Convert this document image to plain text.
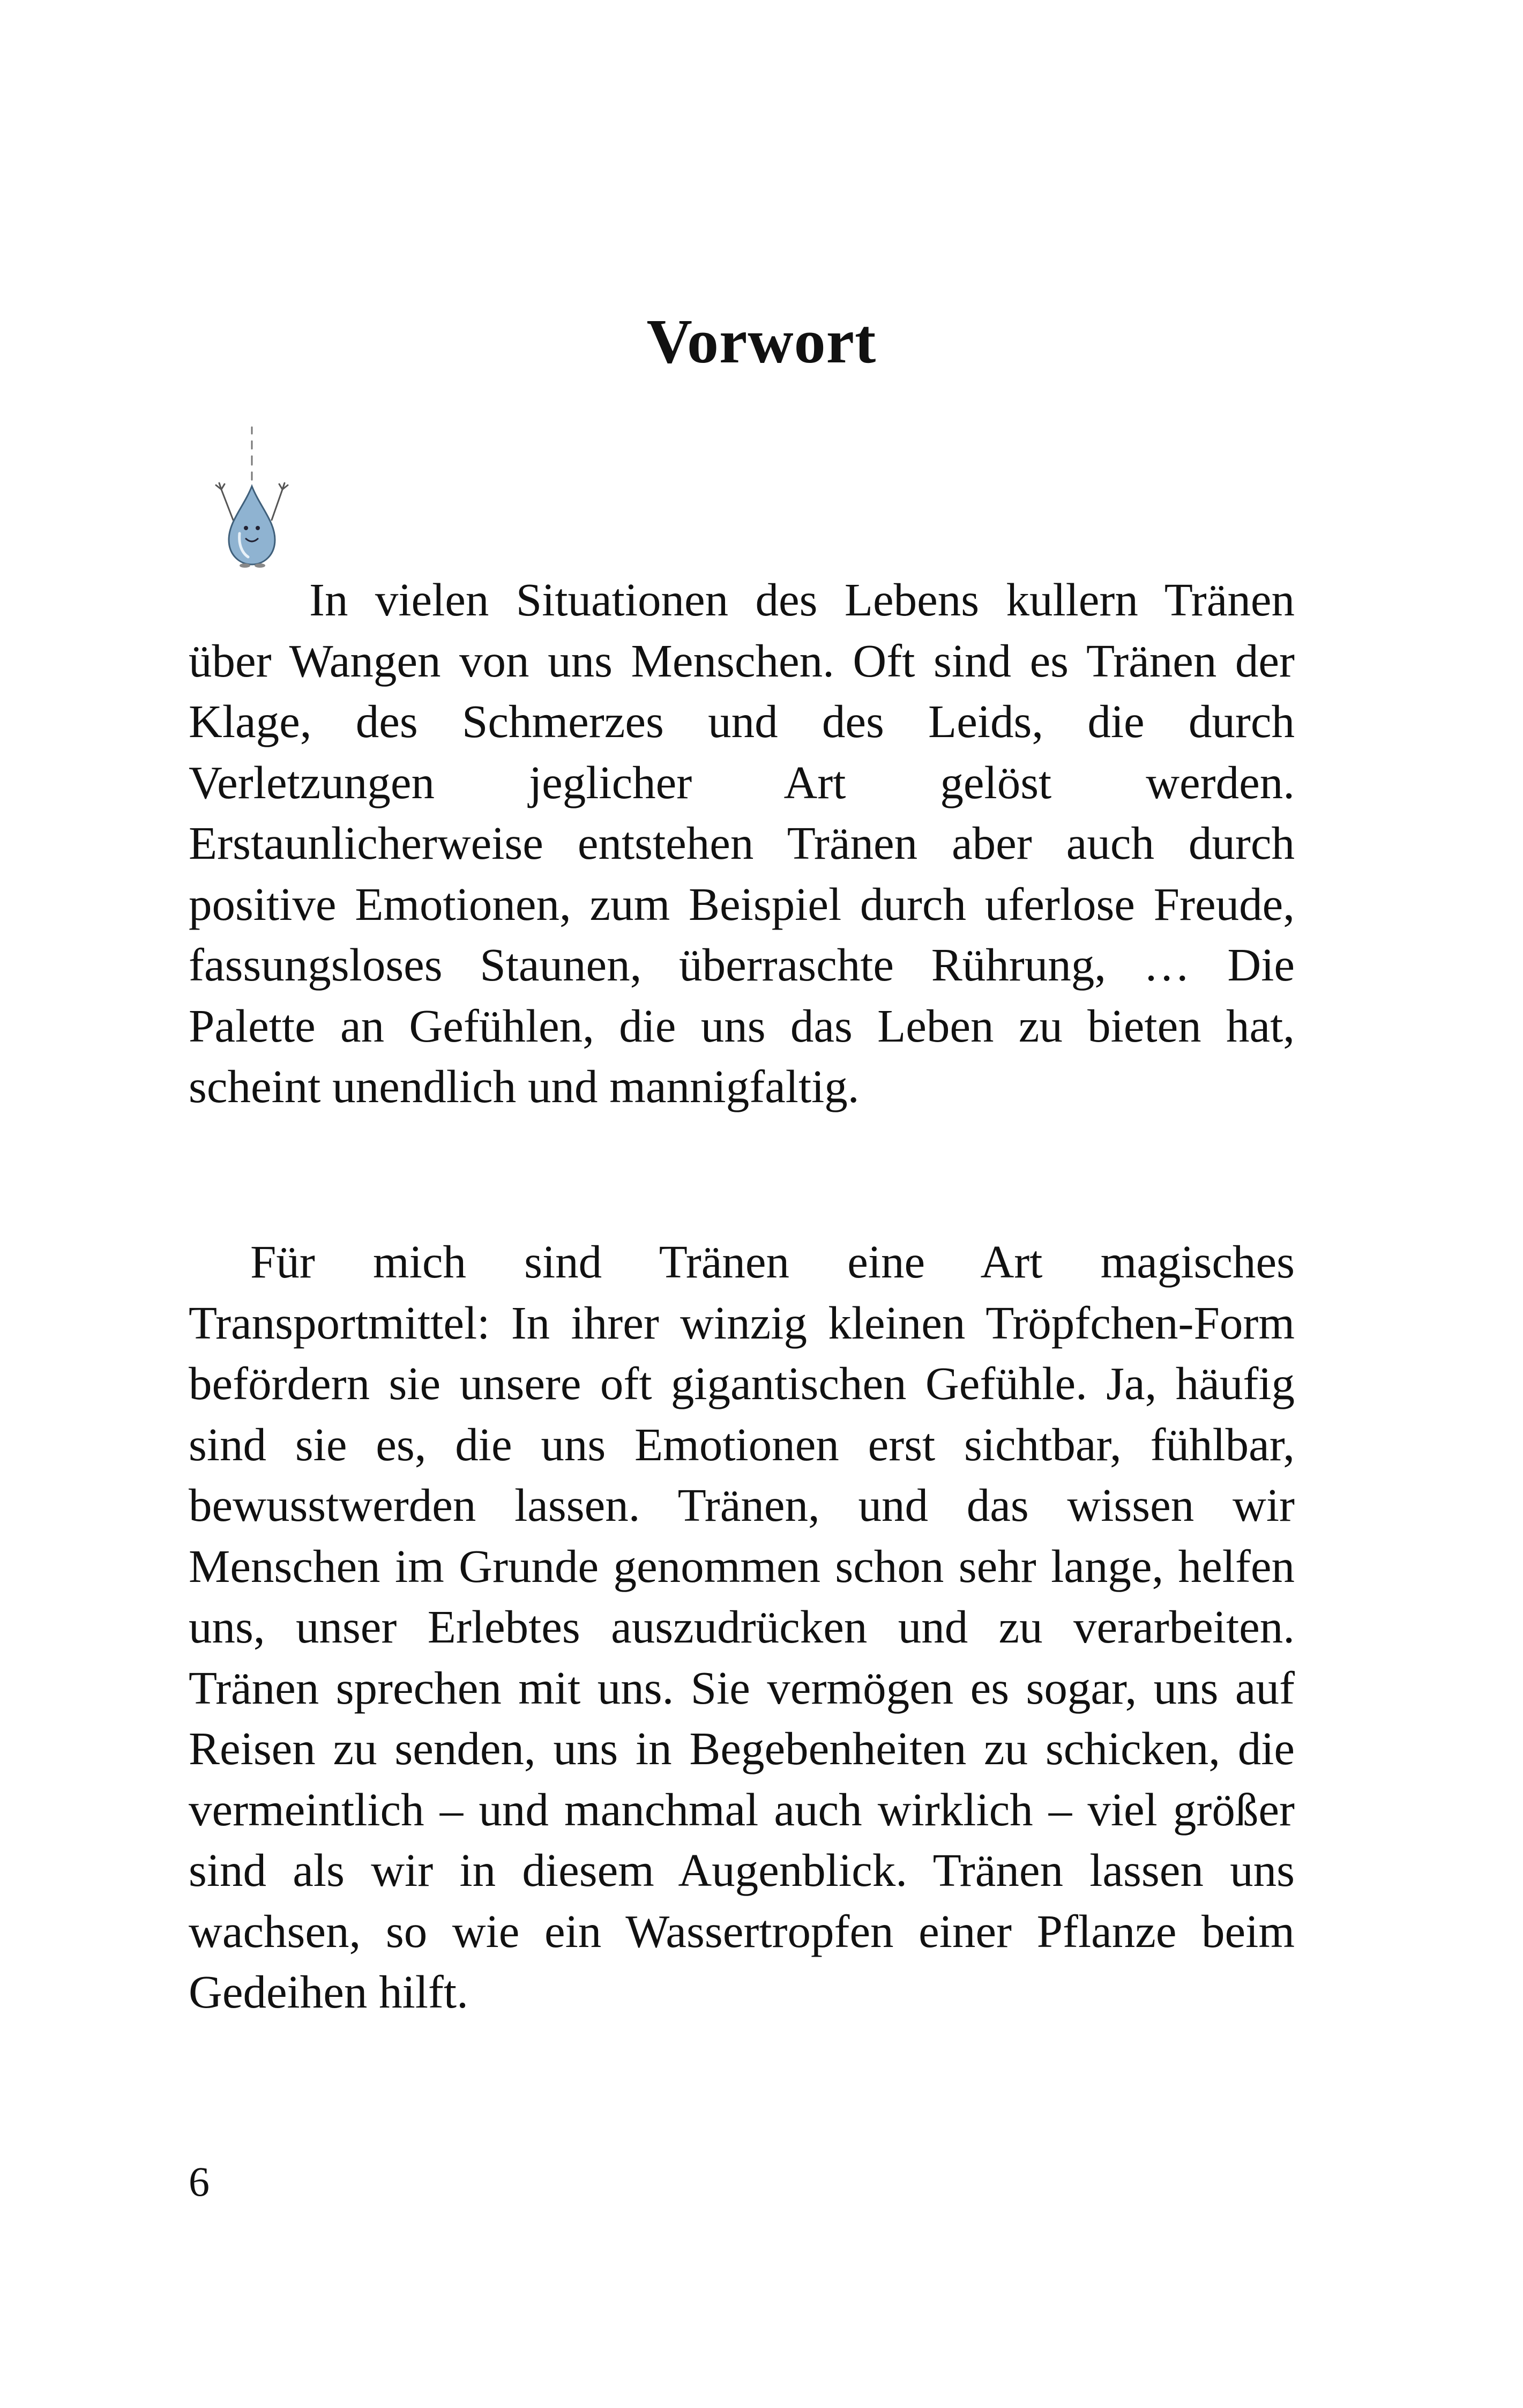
Vorwort

In vielen Situationen des Lebens kullern Tränen über Wangen von uns Menschen. Oft sind es Tränen der Klage, des Schmerzes und des Leids, die durch Verletzungen jeglicher Art gelöst werden. Erstaunlicherweise entstehen Tränen aber auch durch positive Emotionen, zum Beispiel durch uferlose Freude, fassungsloses Staunen, überraschte Rührung, … Die Palette an Gefühlen, die uns das Leben zu bieten hat, scheint unendlich und mannigfaltig.

Für mich sind Tränen eine Art magisches Transportmittel: In ihrer winzig kleinen Tröpfchen-Form befördern sie unsere oft gigantischen Gefühle. Ja, häufig sind sie es, die uns Emotionen erst sichtbar, fühlbar, bewusstwerden lassen. Tränen, und das wissen wir Menschen im Grunde genommen schon sehr lange, helfen uns, unser Erlebtes auszudrücken und zu verarbeiten. Tränen sprechen mit uns. Sie vermögen es sogar, uns auf Reisen zu senden, uns in Begebenheiten zu schicken, die vermeintlich – und manchmal auch wirklich – viel größer sind als wir in diesem Augenblick. Tränen lassen uns wachsen, so wie ein Wassertropfen einer Pflanze beim Gedeihen hilft.

6
